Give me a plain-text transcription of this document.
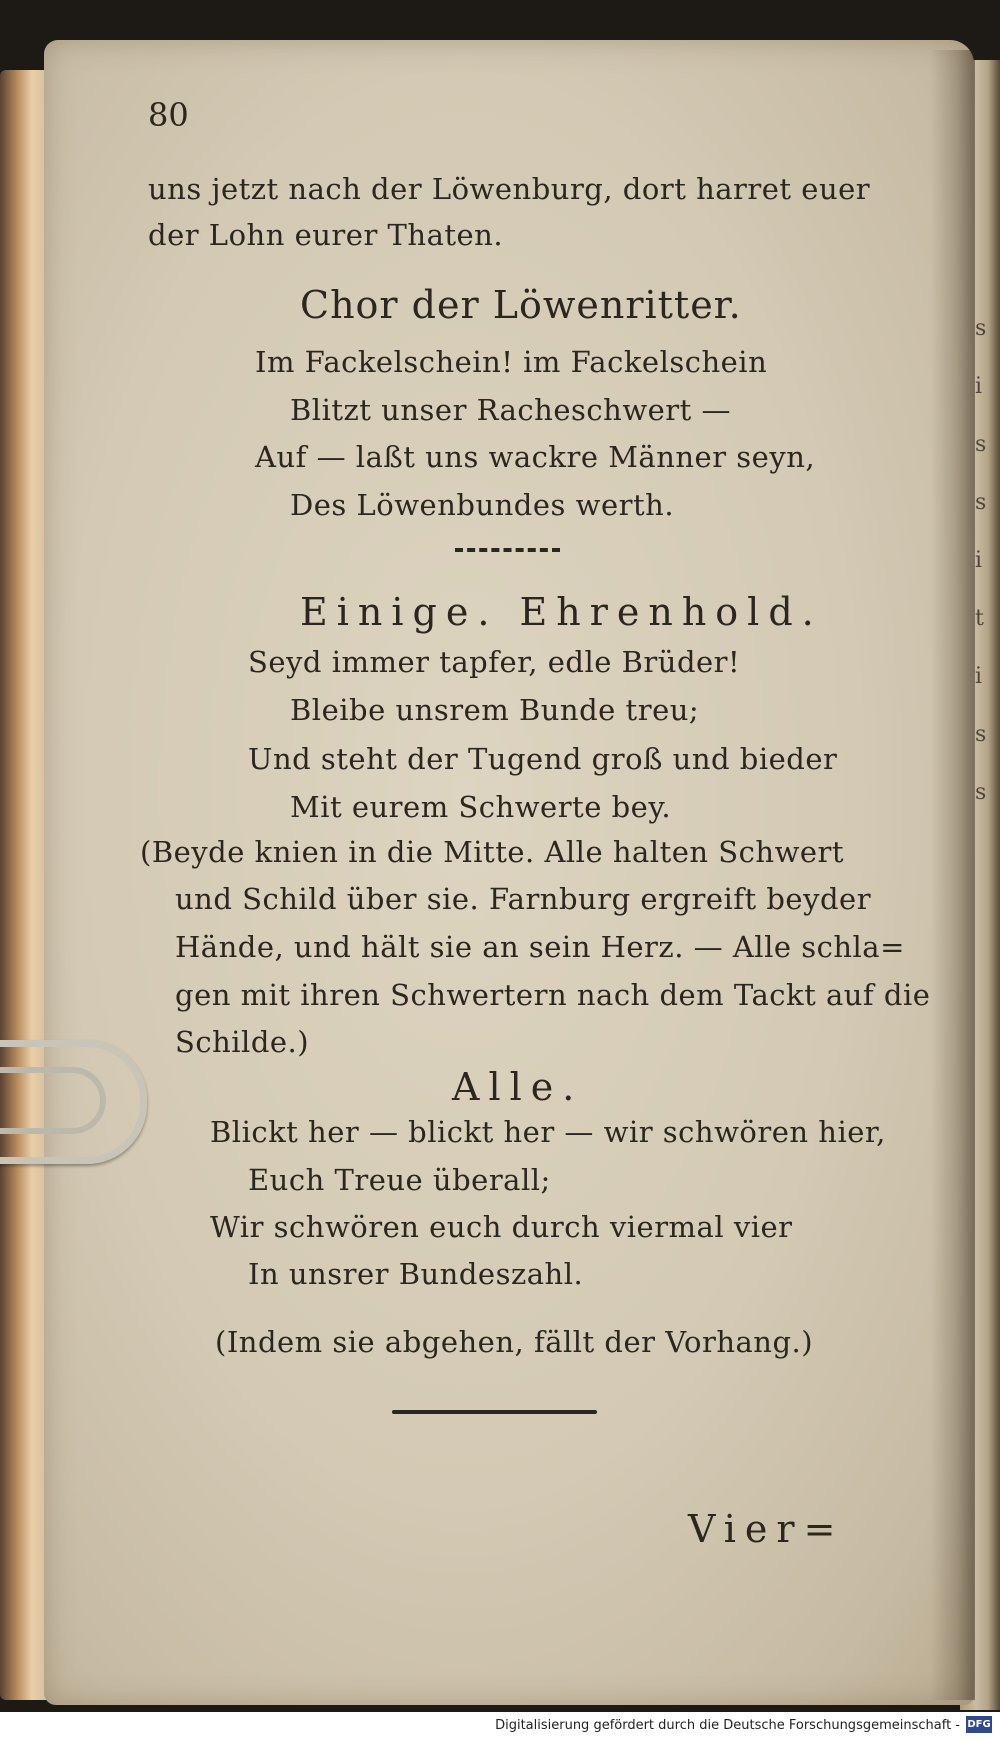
s
i
s
s
i
t
i
s
s
80
uns jetzt nach der Löwenburg, dort harret euer
der Lohn eurer Thaten.
Chor der Löwenritter.
Im Fackelschein! im Fackelschein
Blitzt unser Racheschwert —
Auf — laßt uns wackre Männer seyn,
Des Löwenbundes werth.
Einige. Ehrenhold.
Seyd immer tapfer, edle Brüder!
Bleibe unsrem Bunde treu;
Und steht der Tugend groß und bieder
Mit eurem Schwerte bey.
(Beyde knien in die Mitte. Alle halten Schwert
und Schild über sie. Farnburg ergreift beyder
Hände, und hält sie an sein Herz. — Alle schla=
gen mit ihren Schwertern nach dem Tackt auf die
Schilde.)
Alle.
Blickt her — blickt her — wir schwören hier,
Euch Treue überall;
Wir schwören euch durch viermal vier
In unsrer Bundeszahl.
(Indem sie abgehen, fällt der Vorhang.)
Vier=
Digitalisierung gefördert durch die Deutsche Forschungsgemeinschaft - DFG
